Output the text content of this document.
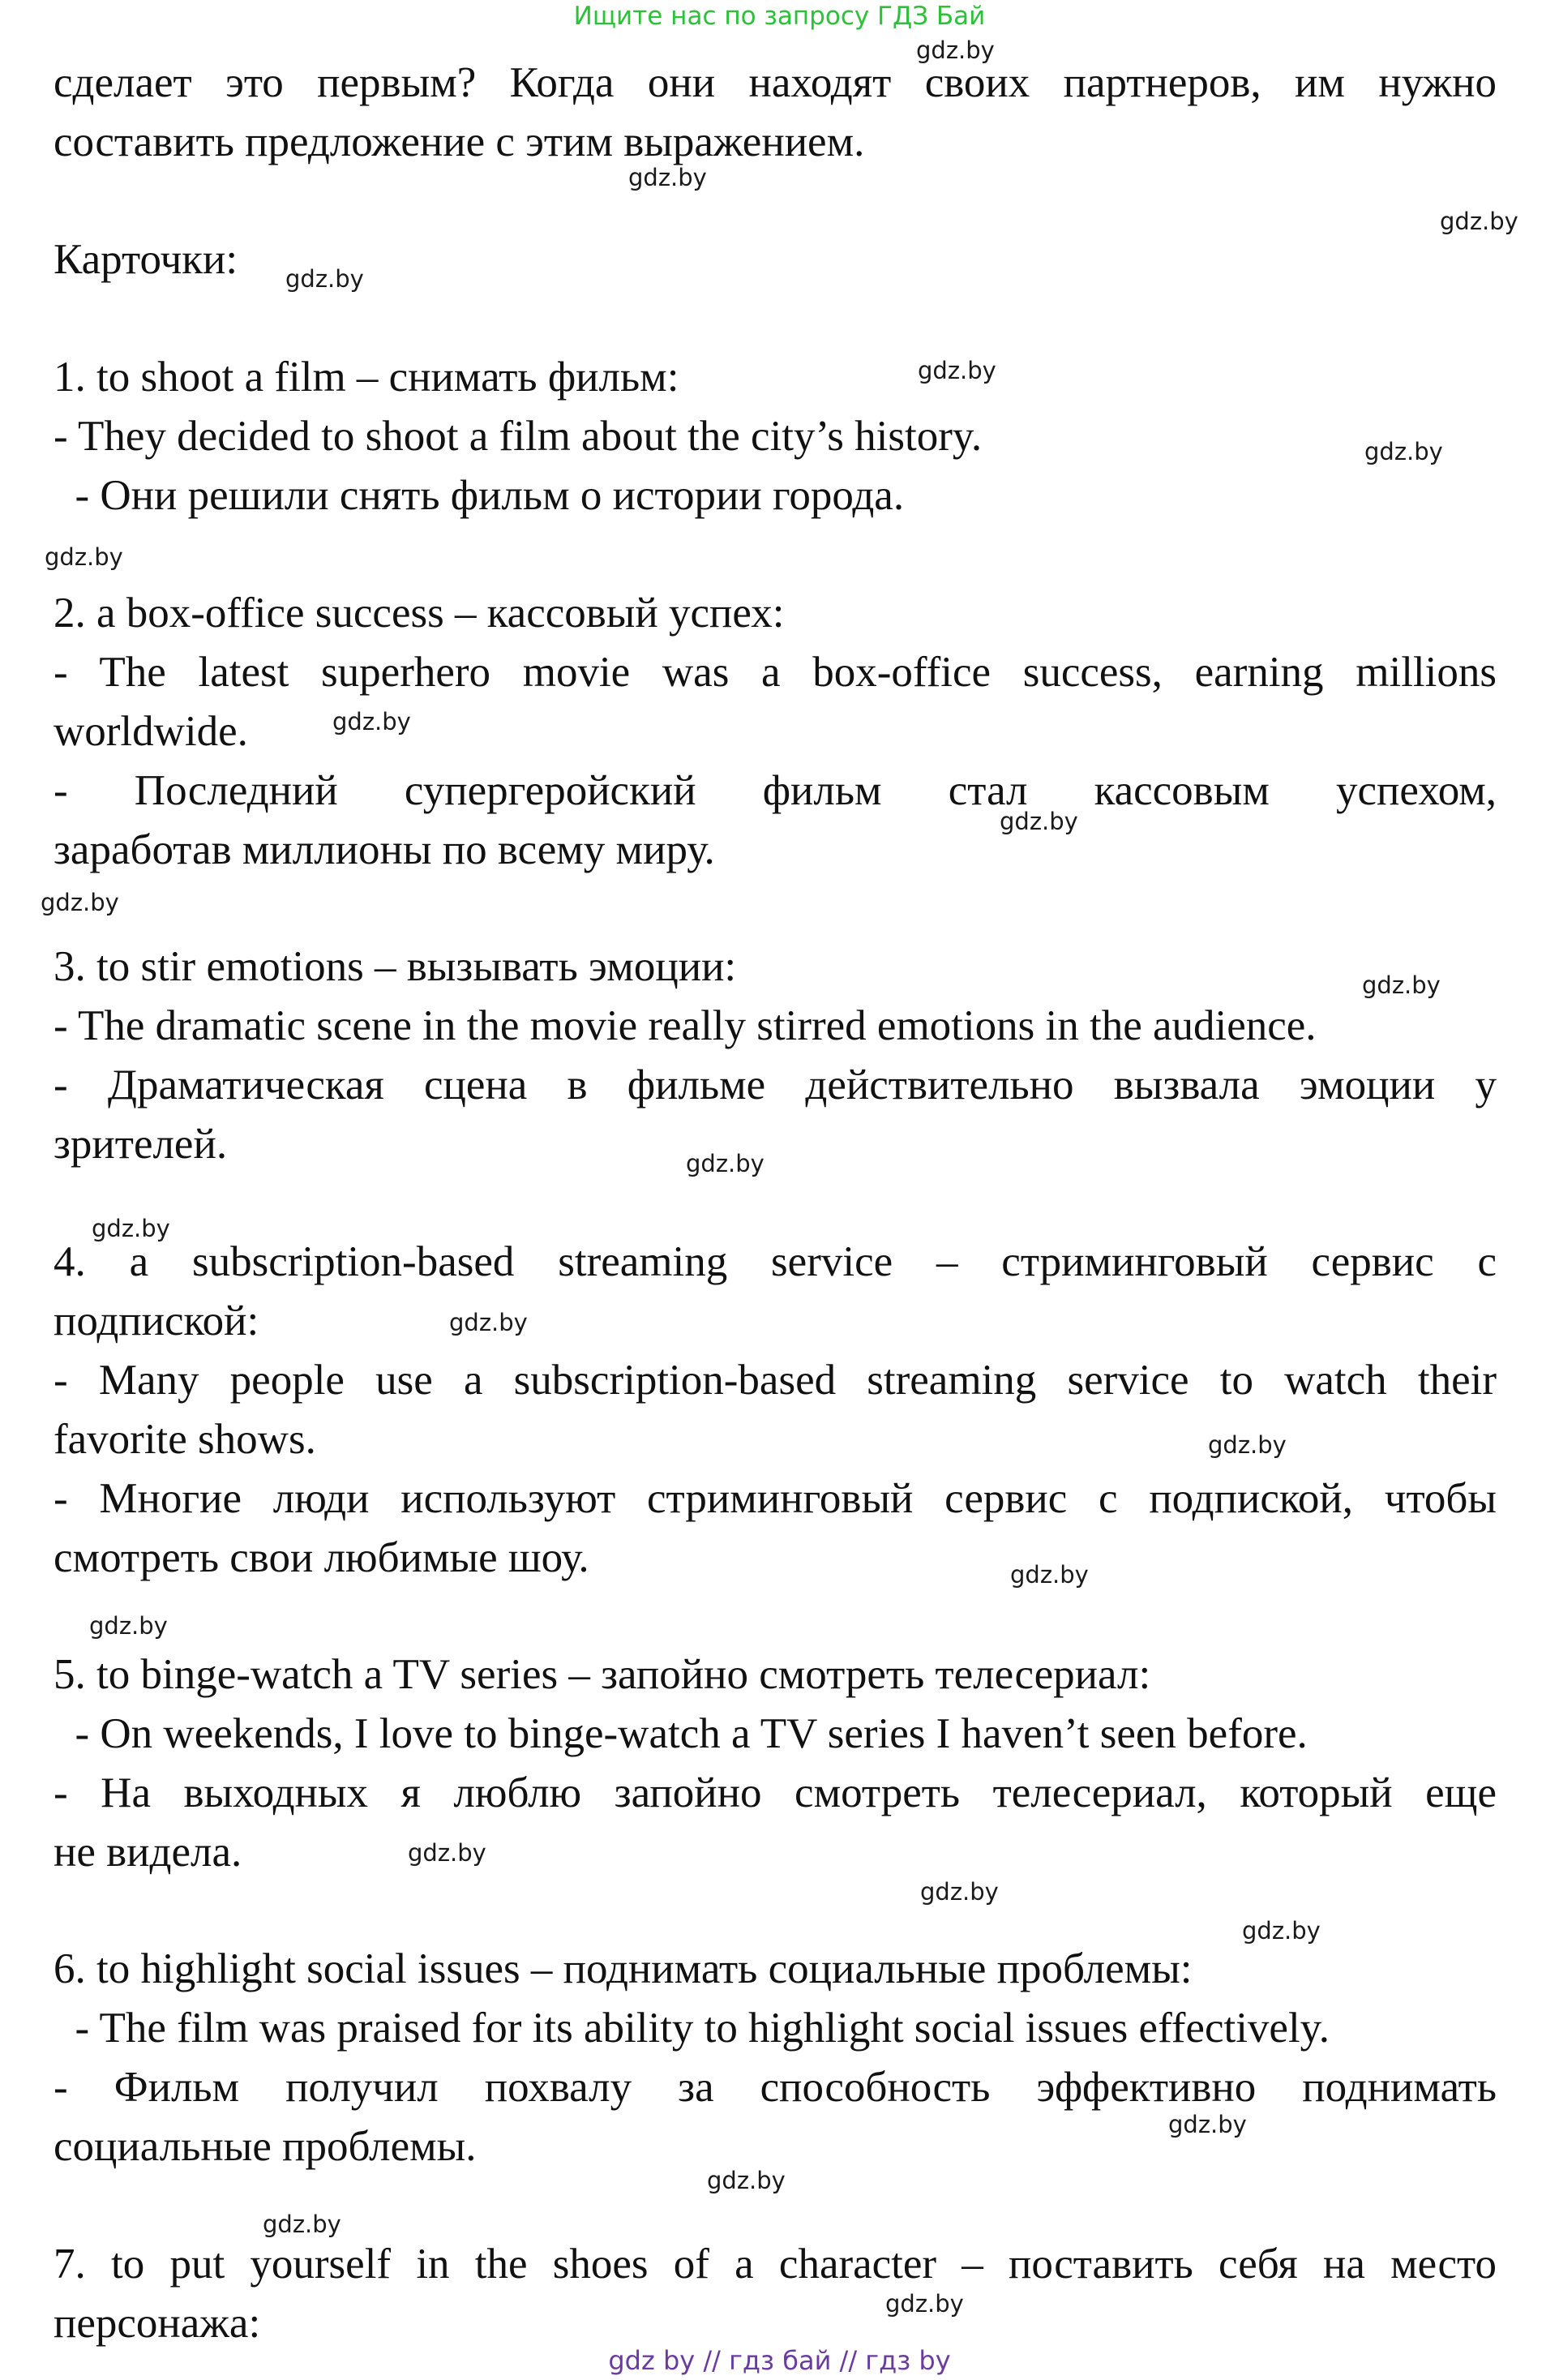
Ищите нас по запросу ГДЗ Бай
сделает это первым? Когда они находят своих партнеров, им нужно
составить предложение с этим выражением.
Карточки:
1. to shoot a film – снимать фильм:
- They decided to shoot a film about the city’s history.
- Они решили снять фильм о истории города.
2. a box-office success – кассовый успех:
- The latest superhero movie was a box-office success, earning millions
worldwide.
- Последний супергеройский фильм стал кассовым успехом,
заработав миллионы по всему миру.
3. to stir emotions – вызывать эмоции:
- The dramatic scene in the movie really stirred emotions in the audience.
- Драматическая сцена в фильме действительно вызвала эмоции у
зрителей.
4. a subscription-based streaming service – стриминговый сервис с
подпиской:
- Many people use a subscription-based streaming service to watch their
favorite shows.
- Многие люди используют стриминговый сервис с подпиской, чтобы
смотреть свои любимые шоу.
5. to binge-watch a TV series – запойно смотреть телесериал:
- On weekends, I love to binge-watch a TV series I haven’t seen before.
- На выходных я люблю запойно смотреть телесериал, который еще
не видела.
6. to highlight social issues – поднимать социальные проблемы:
- The film was praised for its ability to highlight social issues effectively.
- Фильм получил похвалу за способность эффективно поднимать
социальные проблемы.
7. to put yourself in the shoes of a character – поставить себя на место
персонажа:
gdz.by
gdz.by
gdz.by
gdz.by
gdz.by
gdz.by
gdz.by
gdz.by
gdz.by
gdz.by
gdz.by
gdz.by
gdz.by
gdz.by
gdz.by
gdz.by
gdz.by
gdz.by
gdz.by
gdz.by
gdz.by
gdz.by
gdz.by
gdz.by
gdz by // гдз бай // гдз by
